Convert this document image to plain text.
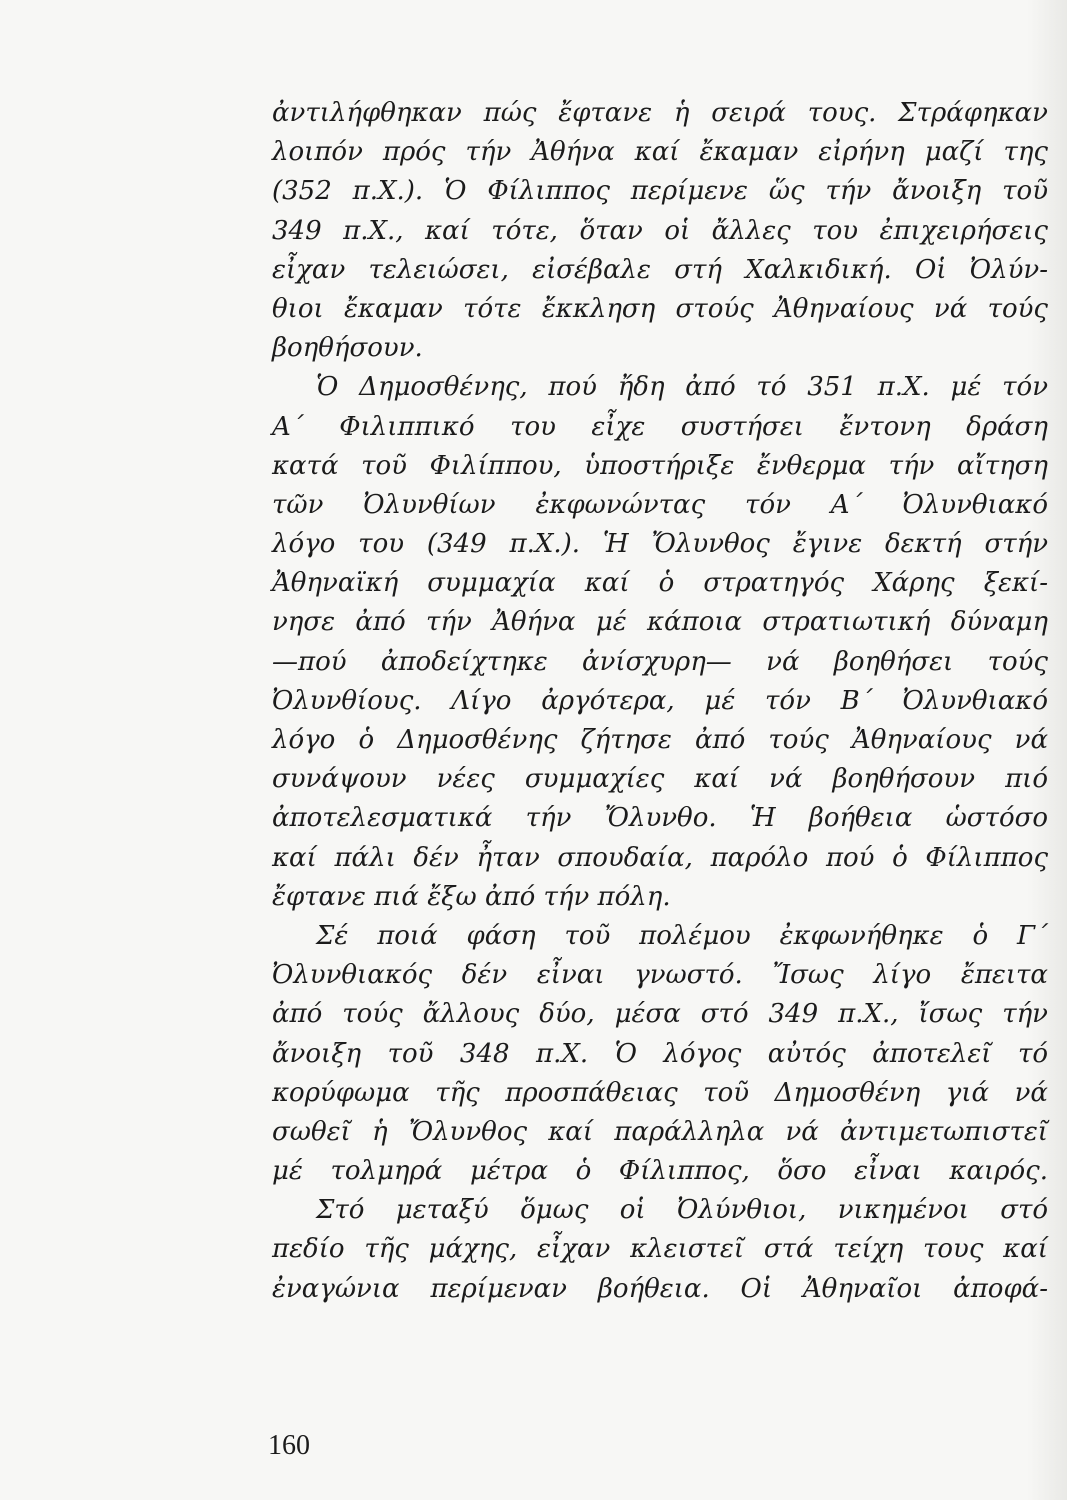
ἀντιλήφθηκαν πώς ἔφτανε ἡ σειρά τους. Στράφηκαν
λοιπόν πρός τήν Ἀθήνα καί ἔκαμαν εἰρήνη μαζί της
(352 π.Χ.). Ὁ Φίλιππος περίμενε ὥς τήν ἄνοιξη τοῦ
349 π.Χ., καί τότε, ὅταν οἱ ἄλλες του ἐπιχειρήσεις
εἶχαν τελειώσει, εἰσέβαλε στή Χαλκιδική. Οἱ Ὀλύν-
θιοι ἔκαμαν τότε ἔκκληση στούς Ἀθηναίους νά τούς
βοηθήσουν.
Ὁ Δημοσθένης, πού ἤδη ἀπό τό 351 π.Χ. μέ τόν
Α΄ Φιλιππικό του εἶχε συστήσει ἔντονη δράση
κατά τοῦ Φιλίππου, ὑποστήριξε ἔνθερμα τήν αἴτηση
τῶν Ὀλυνθίων ἐκφωνώντας τόν Α΄ Ὀλυνθιακό
λόγο του (349 π.Χ.). Ἡ Ὄλυνθος ἔγινε δεκτή στήν
Ἀθηναϊκή συμμαχία καί ὁ στρατηγός Χάρης ξεκί-
νησε ἀπό τήν Ἀθήνα μέ κάποια στρατιωτική δύναμη
—πού ἀποδείχτηκε ἀνίσχυρη— νά βοηθήσει τούς
Ὀλυνθίους. Λίγο ἀργότερα, μέ τόν Β΄ Ὀλυνθιακό
λόγο ὁ Δημοσθένης ζήτησε ἀπό τούς Ἀθηναίους νά
συνάψουν νέες συμμαχίες καί νά βοηθήσουν πιό
ἀποτελεσματικά τήν Ὄλυνθο. Ἡ βοήθεια ὡστόσο
καί πάλι δέν ἦταν σπουδαία, παρόλο πού ὁ Φίλιππος
ἔφτανε πιά ἔξω ἀπό τήν πόλη.
Σέ ποιά φάση τοῦ πολέμου ἐκφωνήθηκε ὁ Γ΄
Ὀλυνθιακός δέν εἶναι γνωστό. Ἴσως λίγο ἔπειτα
ἀπό τούς ἄλλους δύο, μέσα στό 349 π.Χ., ἴσως τήν
ἄνοιξη τοῦ 348 π.Χ. Ὁ λόγος αὐτός ἀποτελεῖ τό
κορύφωμα τῆς προσπάθειας τοῦ Δημοσθένη γιά νά
σωθεῖ ἡ Ὄλυνθος καί παράλληλα νά ἀντιμετωπιστεῖ
μέ τολμηρά μέτρα ὁ Φίλιππος, ὅσο εἶναι καιρός.
Στό μεταξύ ὅμως οἱ Ὀλύνθιοι, νικημένοι στό
πεδίο τῆς μάχης, εἶχαν κλειστεῖ στά τείχη τους καί
ἐναγώνια περίμεναν βοήθεια. Οἱ Ἀθηναῖοι ἀποφά-
160
